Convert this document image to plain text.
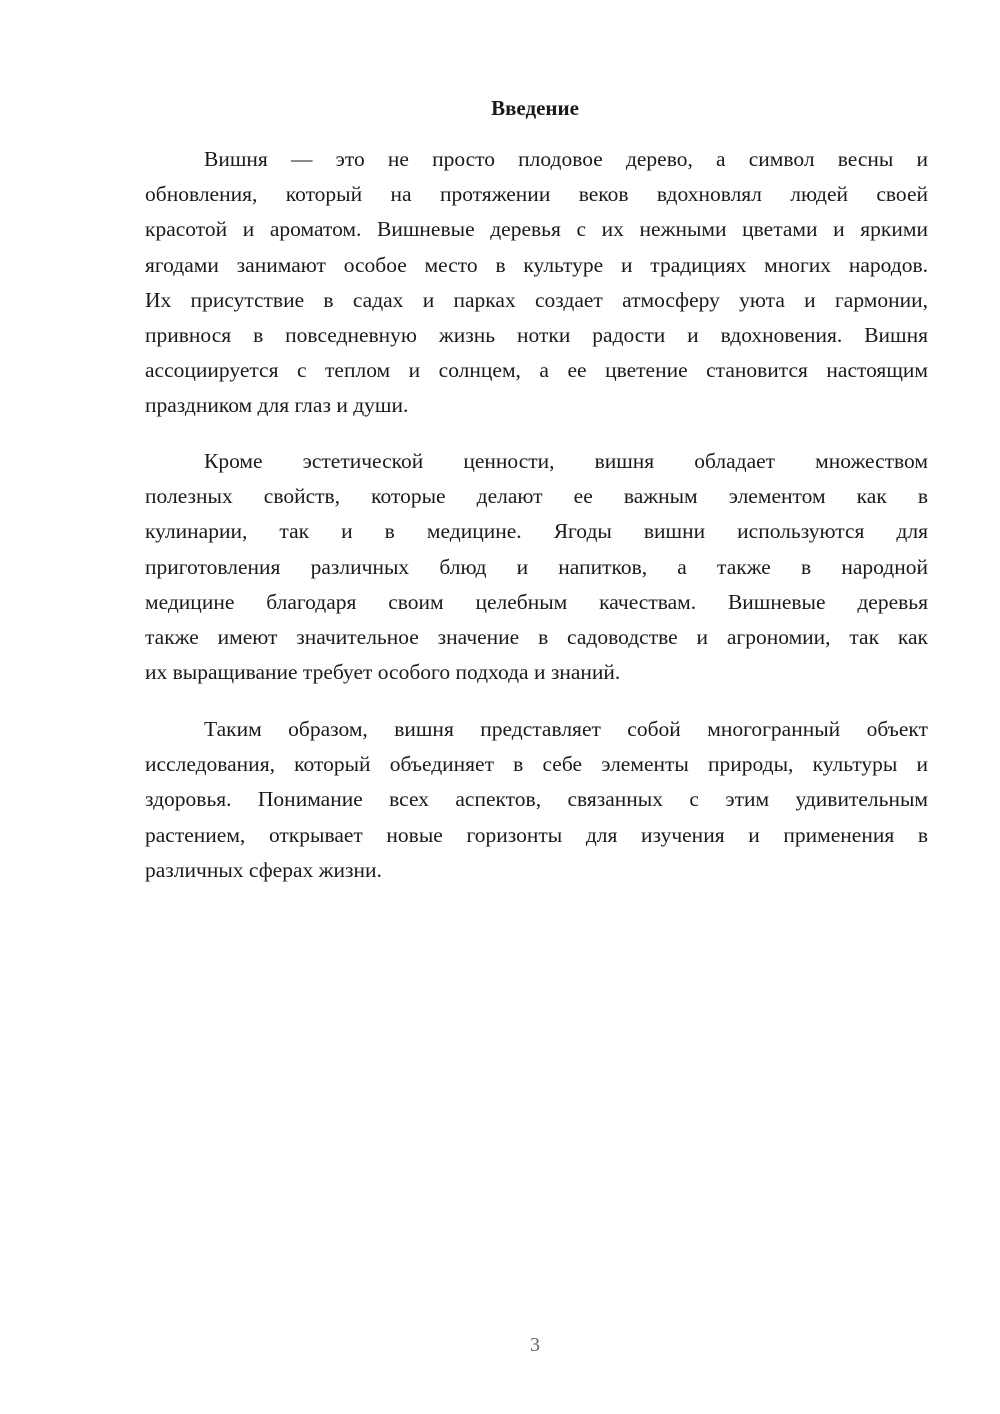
Введение
Вишня — это не просто плодовое дерево, а символ весны и
обновления, который на протяжении веков вдохновлял людей своей
красотой и ароматом. Вишневые деревья с их нежными цветами и яркими
ягодами занимают особое место в культуре и традициях многих народов.
Их присутствие в садах и парках создает атмосферу уюта и гармонии,
привнося в повседневную жизнь нотки радости и вдохновения. Вишня
ассоциируется с теплом и солнцем, а ее цветение становится настоящим
праздником для глаз и души.
Кроме эстетической ценности, вишня обладает множеством
полезных свойств, которые делают ее важным элементом как в
кулинарии, так и в медицине. Ягоды вишни используются для
приготовления различных блюд и напитков, а также в народной
медицине благодаря своим целебным качествам. Вишневые деревья
также имеют значительное значение в садоводстве и агрономии, так как
их выращивание требует особого подхода и знаний.
Таким образом, вишня представляет собой многогранный объект
исследования, который объединяет в себе элементы природы, культуры и
здоровья. Понимание всех аспектов, связанных с этим удивительным
растением, открывает новые горизонты для изучения и применения в
различных сферах жизни.
3
